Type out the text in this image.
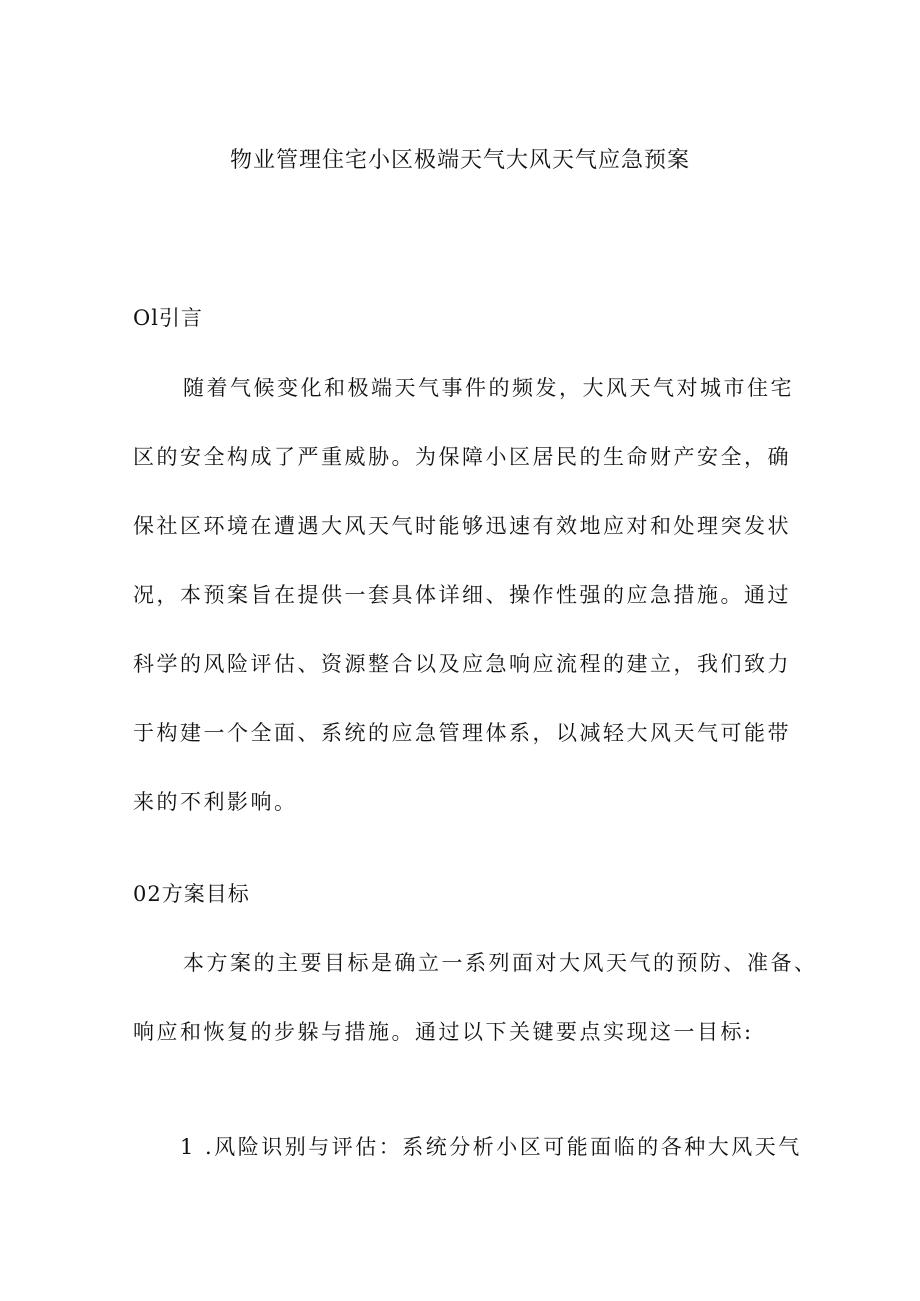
物业管理住宅小区极端天气大风天气应急预案
Ol引言
随着气候变化和极端天气事件的频发，大风天气对城市住宅
区的安全构成了严重威胁。为保障小区居民的生命财产安全，确
保社区环境在遭遇大风天气时能够迅速有效地应对和处理突发状
况，本预案旨在提供一套具体详细、操作性强的应急措施。通过
科学的风险评估、资源整合以及应急响应流程的建立，我们致力
于构建一个全面、系统的应急管理体系，以减轻大风天气可能带
来的不利影响。
02方案目标
本方案的主要目标是确立一系列面对大风天气的预防、准备、
响应和恢复的步躲与措施。通过以下关键要点实现这一目标:
1 .风险识别与评估：系统分析小区可能面临的各种大风天气
